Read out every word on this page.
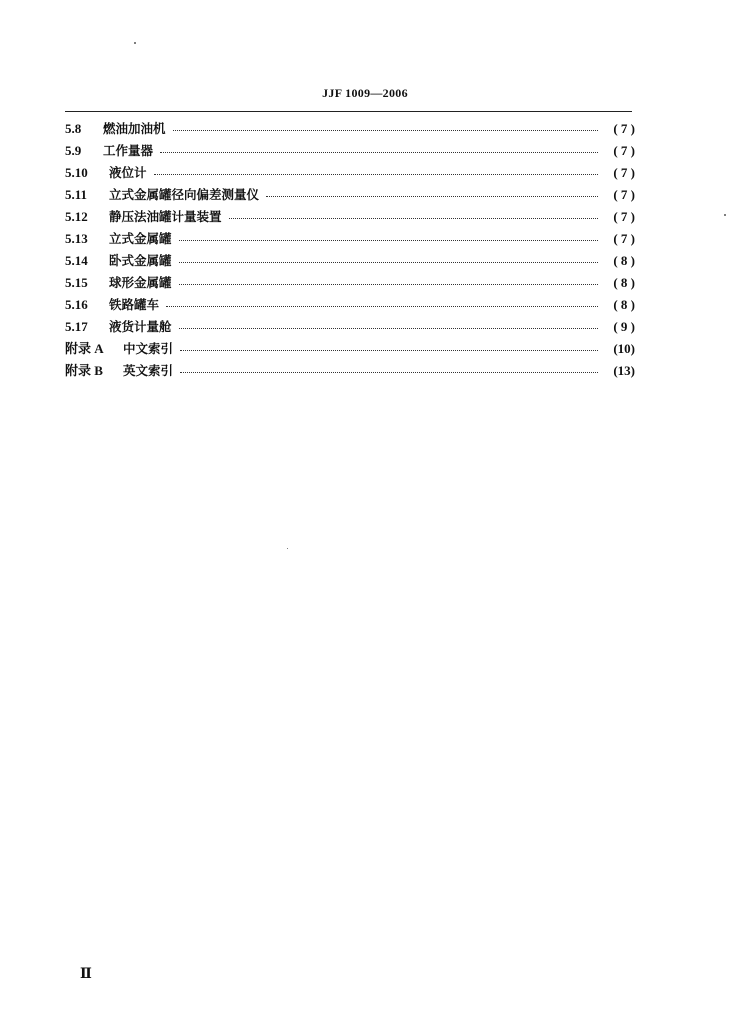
JJF 1009—2006
5.8	燃油加油机	( 7 )
5.9	工作量器	( 7 )
5.10	液位计	( 7 )
5.11	立式金属罐径向偏差测量仪	( 7 )
5.12	静压法油罐计量装置	( 7 )
5.13	立式金属罐	( 7 )
5.14	卧式金属罐	( 8 )
5.15	球形金属罐	( 8 )
5.16	铁路罐车	( 8 )
5.17	液货计量舱	( 9 )
附录 A	中文索引	(10)
附录 B	英文索引	(13)
Ⅱ
